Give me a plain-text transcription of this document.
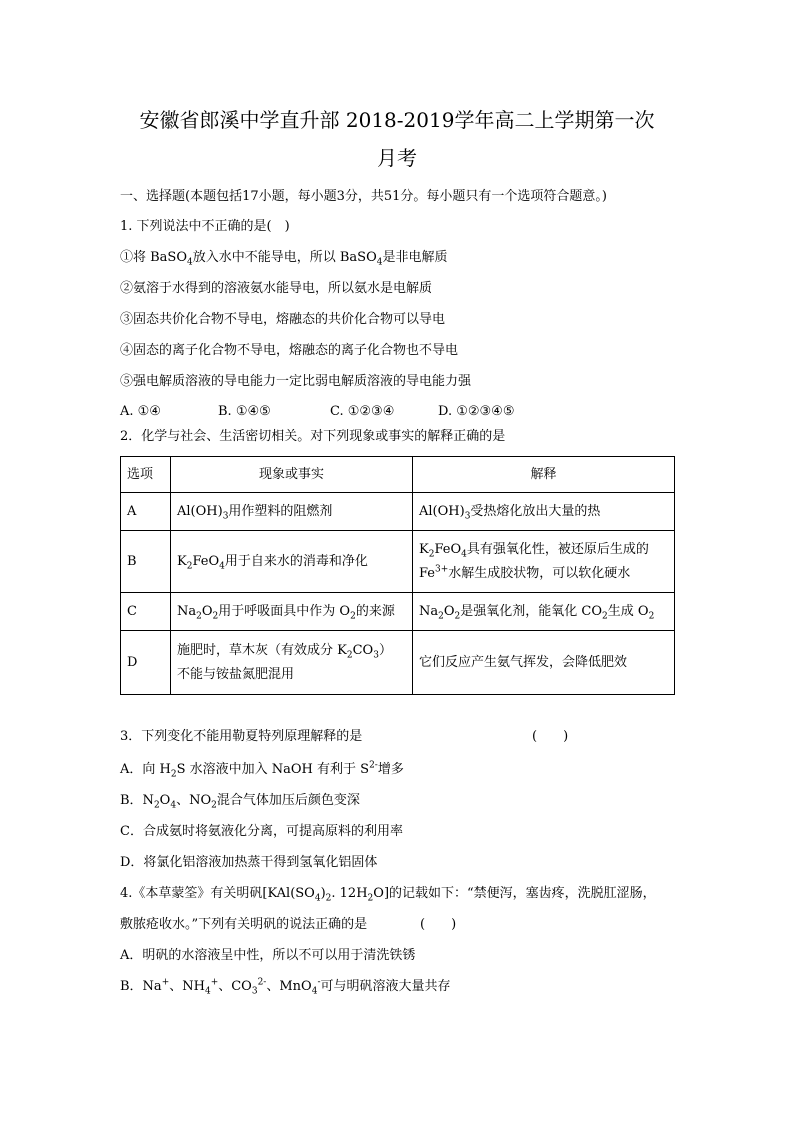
安徽省郎溪中学直升部 2018-2019学年高二上学期第一次
月考
一、选择题(本题包括17小题，每小题3分，共51分。每小题只有一个选项符合题意。)
1. 下列说法中不正确的是(　)
①将 BaSO$_4$放入水中不能导电，所以 BaSO$_4$是非电解质
②氨溶于水得到的溶液氨水能导电，所以氨水是电解质
③固态共价化合物不导电，熔融态的共价化合物可以导电
④固态的离子化合物不导电，熔融态的离子化合物也不导电
⑤强电解质溶液的导电能力一定比弱电解质溶液的导电能力强
A. ①④	B. ①④⑤	C. ①②③④	D. ①②③④⑤
2．化学与社会、生活密切相关。对下列现象或事实的解释正确的是
选项	现象或事实	解释
A	$Al(OH)_3$用作塑料的阻燃剂	$Al(OH)_3$受热熔化放出大量的热
B	$K_2FeO_4$用于自来水的消毒和净化	$K_2FeO_4$具有强氧化性，被还原后生成的
$Fe^{3+}$水解生成胶状物，可以软化硬水

C	$Na_2O_2$用于呼吸面具中作为 $O_2$的来源	$Na_2O_2$是强氧化剂，能氧化 $CO_2$生成 $O_2$
D	施肥时，草木灰（有效成分 $K_2CO_3$）
不能与铵盐氮肥混用	它们反应产生氨气挥发，会降低肥效
3．下列变化不能用勒夏特列原理解释的是	(　　)
A．向 $H_2S$ 水溶液中加入 NaOH 有利于 $S^{2-}$增多
B．$N_2O_4$、$NO_2$混合气体加压后颜色变深
C．合成氨时将氨液化分离，可提高原料的利用率
D．将氯化铝溶液加热蒸干得到氢氧化铝固体
4.《本草蒙筌》有关明矾[$KAl(SO_4)_2$. $12H_2O$]的记载如下：“禁便泻，塞齿疼，洗脱肛涩肠，
敷脓疮收水。”下列有关明矾的说法正确的是	(　　)
A．明矾的水溶液呈中性，所以不可以用于清洗铁锈
B．Na+、$NH_4^+$、$CO_3^{2-}$、MnO$_4$-可与明矾溶液大量共存
